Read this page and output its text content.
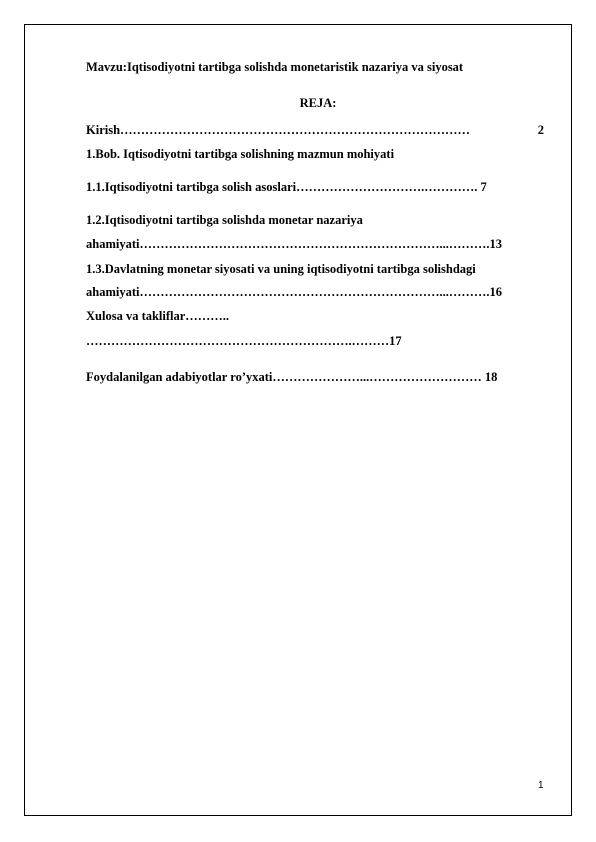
Mavzu:Iqtisodiyotni tartibga solishda monetaristik nazariya va siyosat
REJA:
Kirish…………………………………………………………………………	2
1.Bob. Iqtisodiyotni tartibga solishning mazmun mohiyati
1.1.Iqtisodiyotni tartibga solish asoslari………………………….…………. 7
1.2.Iqtisodiyotni tartibga solishda monetar nazariya
ahamiyati………………………………………………………………...……….13
1.3.Davlatning monetar siyosati va uning iqtisodiyotni tartibga solishdagi
ahamiyati………………………………………………………………...……….16
Xulosa va takliflar………..
……………………………………………………….………17
Foydalanilgan adabiyotlar ro’yxati…………………...……………………… 18
1
